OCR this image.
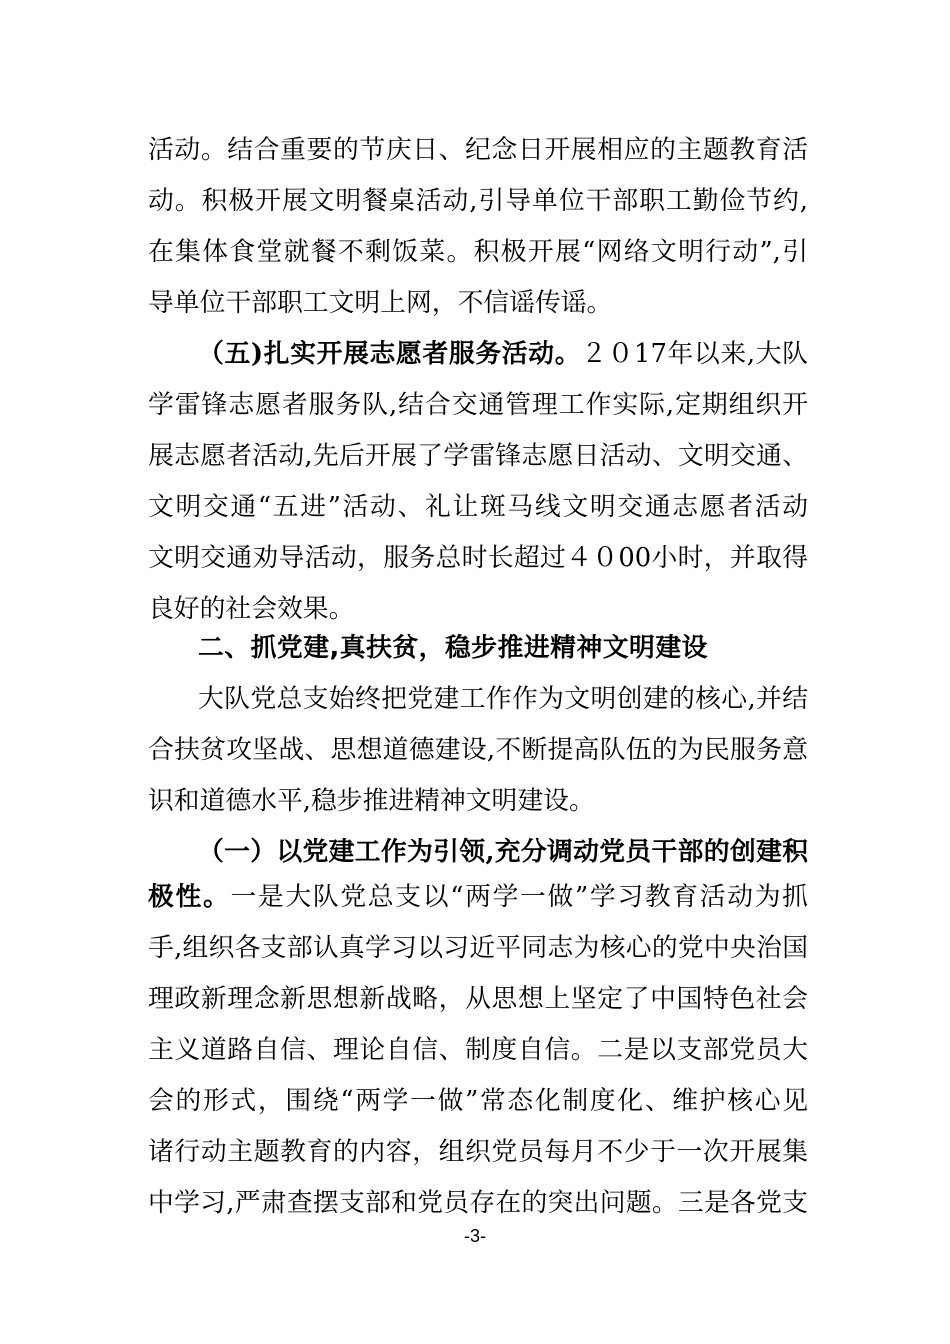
活动。结合重要的节庆日、纪念日开展相应的主题教育活
动。积极开展文明餐桌活动,引导单位干部职工勤俭节约,
在集体食堂就餐不剩饭菜。积极开展“网络文明行动”,引
导单位干部职工文明上网，不信谣传谣。
（五)扎实开展志愿者服务活动。２０17年以来,大队
学雷锋志愿者服务队,结合交通管理工作实际,定期组织开
展志愿者活动,先后开展了学雷锋志愿日活动、文明交通、
文明交通“五进”活动、礼让斑马线文明交通志愿者活动
文明交通劝导活动，服务总时长超过４０00小时，并取得
良好的社会效果。
二、抓党建,真扶贫，稳步推进精神文明建设
大队党总支始终把党建工作作为文明创建的核心,并结
合扶贫攻坚战、思想道德建设,不断提高队伍的为民服务意
识和道德水平,稳步推进精神文明建设。
（一）以党建工作为引领,充分调动党员干部的创建积
极性。一是大队党总支以“两学一做”学习教育活动为抓
手,组织各支部认真学习以习近平同志为核心的党中央治国
理政新理念新思想新战略，从思想上坚定了中国特色社会
主义道路自信、理论自信、制度自信。二是以支部党员大
会的形式，围绕“两学一做”常态化制度化、维护核心见
诸行动主题教育的内容，组织党员每月不少于一次开展集
中学习,严肃查摆支部和党员存在的突出问题。三是各党支
-3-
